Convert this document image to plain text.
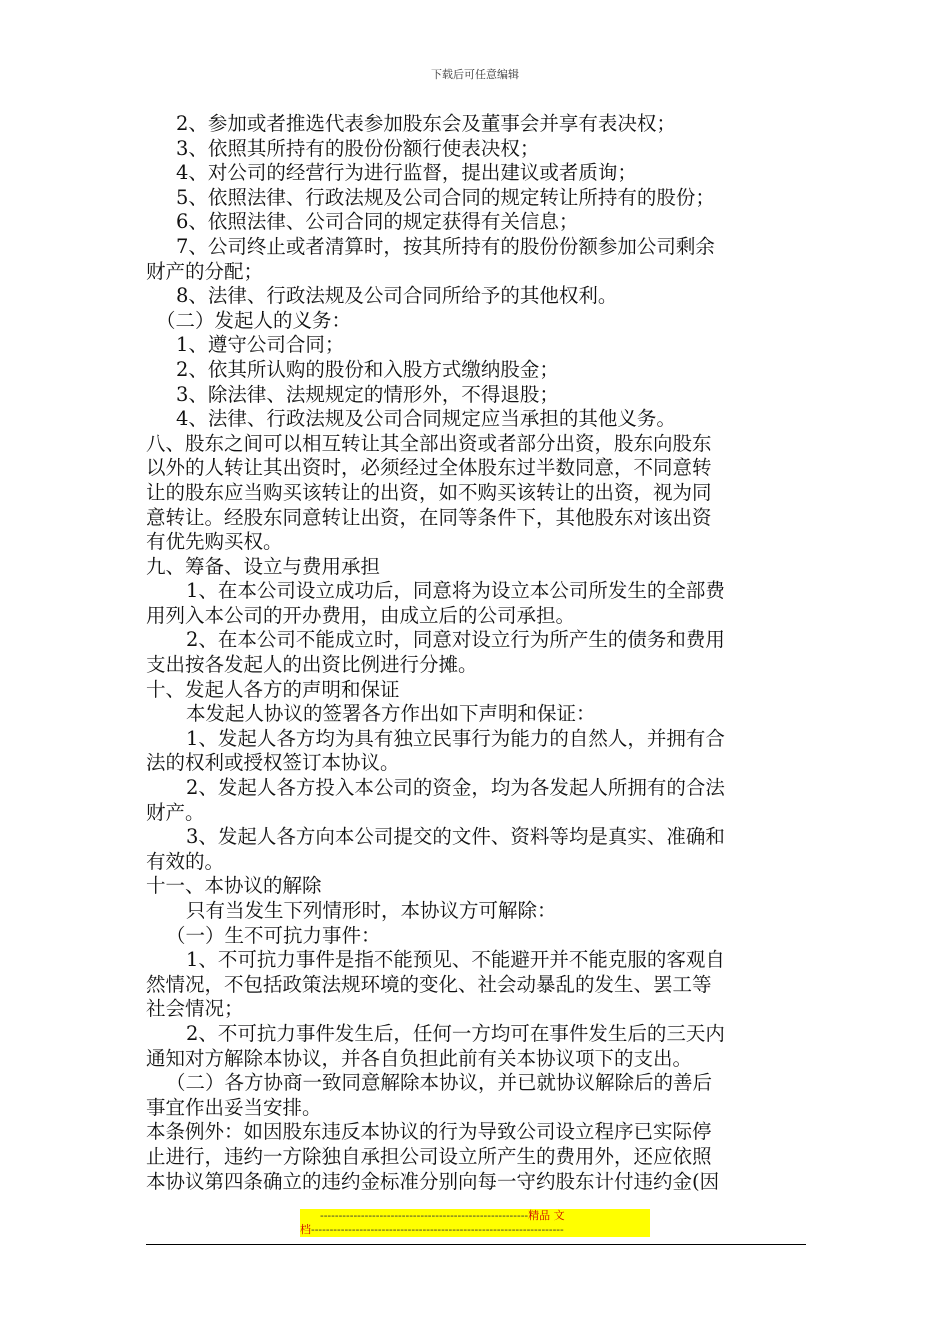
下载后可任意编辑

2、参加或者推选代表参加股东会及董事会并享有表决权；

3、依照其所持有的股份份额行使表决权；

4、对公司的经营行为进行监督，提出建议或者质询；

5、依照法律、行政法规及公司合同的规定转让所持有的股份；

6、依照法律、公司合同的规定获得有关信息；

7、公司终止或者清算时，按其所持有的股份份额参加公司剩余

财产的分配；

8、法律、行政法规及公司合同所给予的其他权利。

（二）发起人的义务：

1、遵守公司合同；

2、依其所认购的股份和入股方式缴纳股金；

3、除法律、法规规定的情形外，不得退股；

4、法律、行政法规及公司合同规定应当承担的其他义务。

八、股东之间可以相互转让其全部出资或者部分出资，股东向股东

以外的人转让其出资时，必须经过全体股东过半数同意，不同意转

让的股东应当购买该转让的出资，如不购买该转让的出资，视为同

意转让。经股东同意转让出资，在同等条件下，其他股东对该出资

有优先购买权。

九、筹备、设立与费用承担

1、在本公司设立成功后，同意将为设立本公司所发生的全部费

用列入本公司的开办费用，由成立后的公司承担。

2、在本公司不能成立时，同意对设立行为所产生的债务和费用

支出按各发起人的出资比例进行分摊。

十、发起人各方的声明和保证

本发起人协议的签署各方作出如下声明和保证：

1、发起人各方均为具有独立民事行为能力的自然人，并拥有合

法的权利或授权签订本协议。

2、发起人各方投入本公司的资金，均为各发起人所拥有的合法

财产。

3、发起人各方向本公司提交的文件、资料等均是真实、准确和

有效的。

十一、本协议的解除

只有当发生下列情形时，本协议方可解除：

（一）生不可抗力事件：

1、不可抗力事件是指不能预见、不能避开并不能克服的客观自

然情况，不包括政策法规环境的变化、社会动暴乱的发生、罢工等

社会情况；

2、不可抗力事件发生后，任何一方均可在事件发生后的三天内

通知对方解除本协议，并各自负担此前有关本协议项下的支出。

（二）各方协商一致同意解除本协议，并已就协议解除后的善后

事宜作出妥当安排。

本条例外：如因股东违反本协议的行为导致公司设立程序已实际停

止进行，违约一方除独自承担公司设立所产生的费用外，还应依照

本协议第四条确立的违约金标准分别向每一守约股东计付违约金(因

--------------------------------------------------------精品 文
档--------------------------------------------------------------------
